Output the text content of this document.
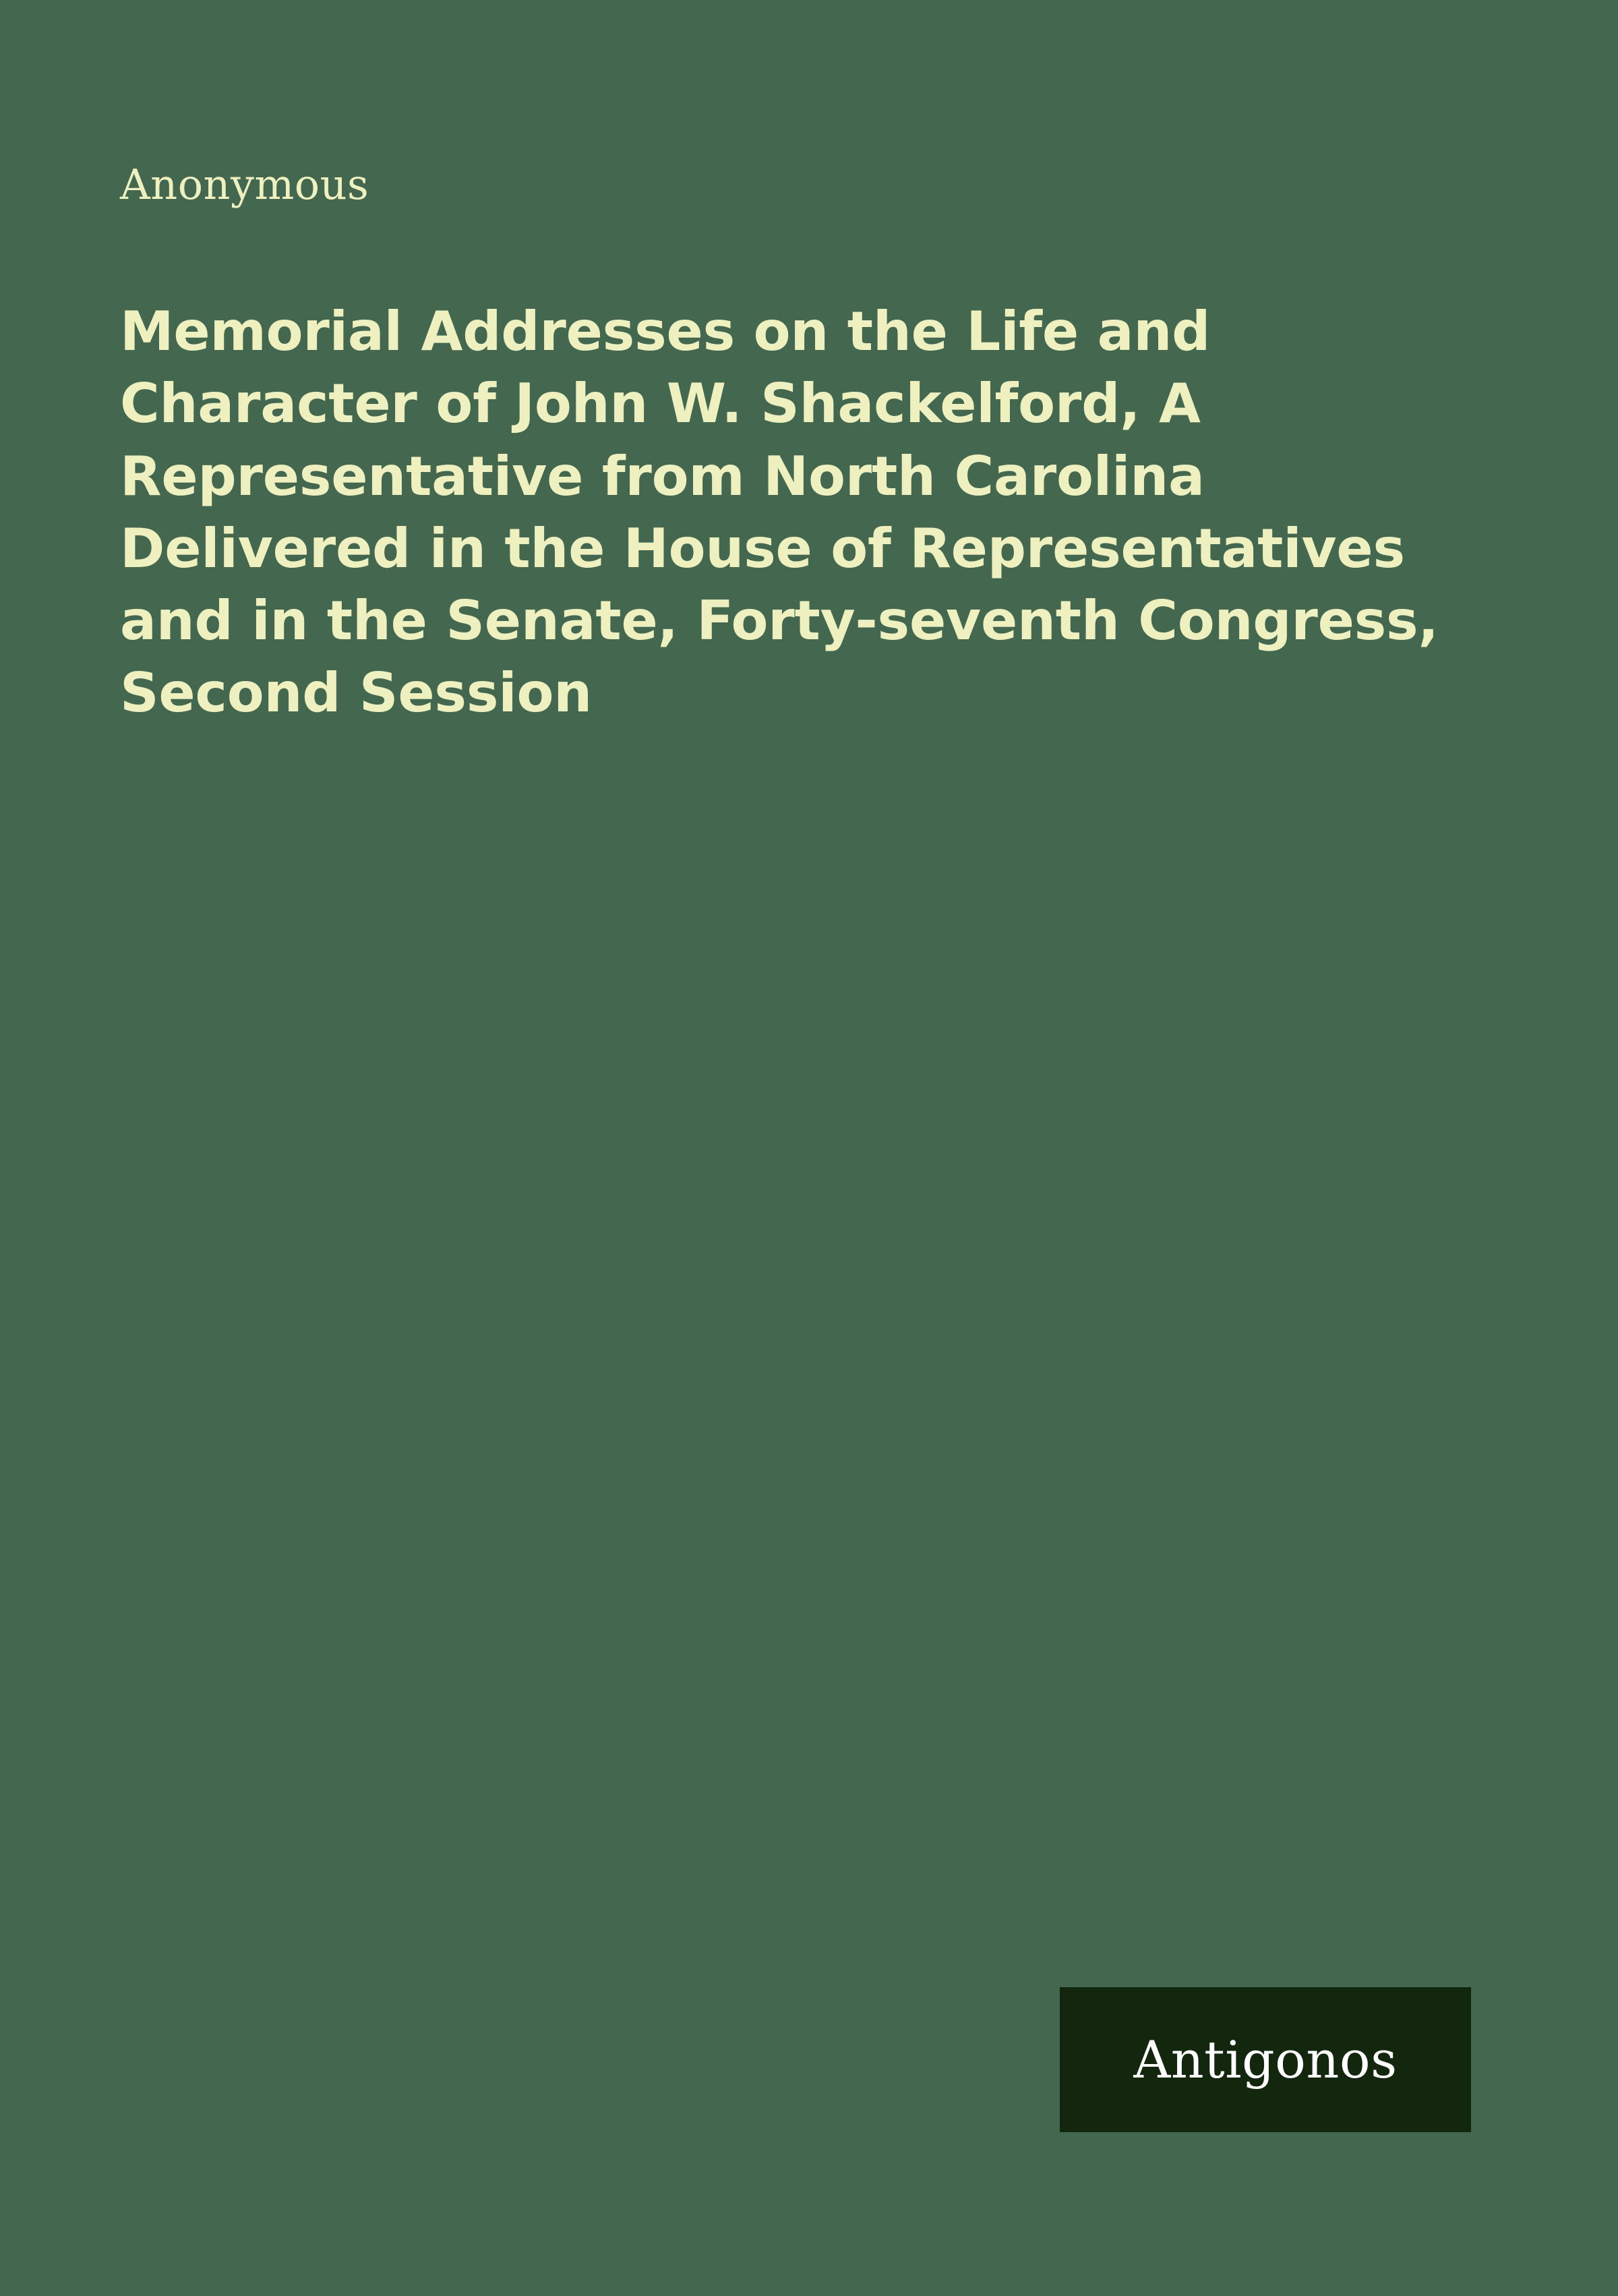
Anonymous
Memorial Addresses on the Life and Character of John W. Shackelford, A Representative from North Carolina Delivered in the House of Representatives and in the Senate, Forty-seventh Congress, Second Session
Antigonos
